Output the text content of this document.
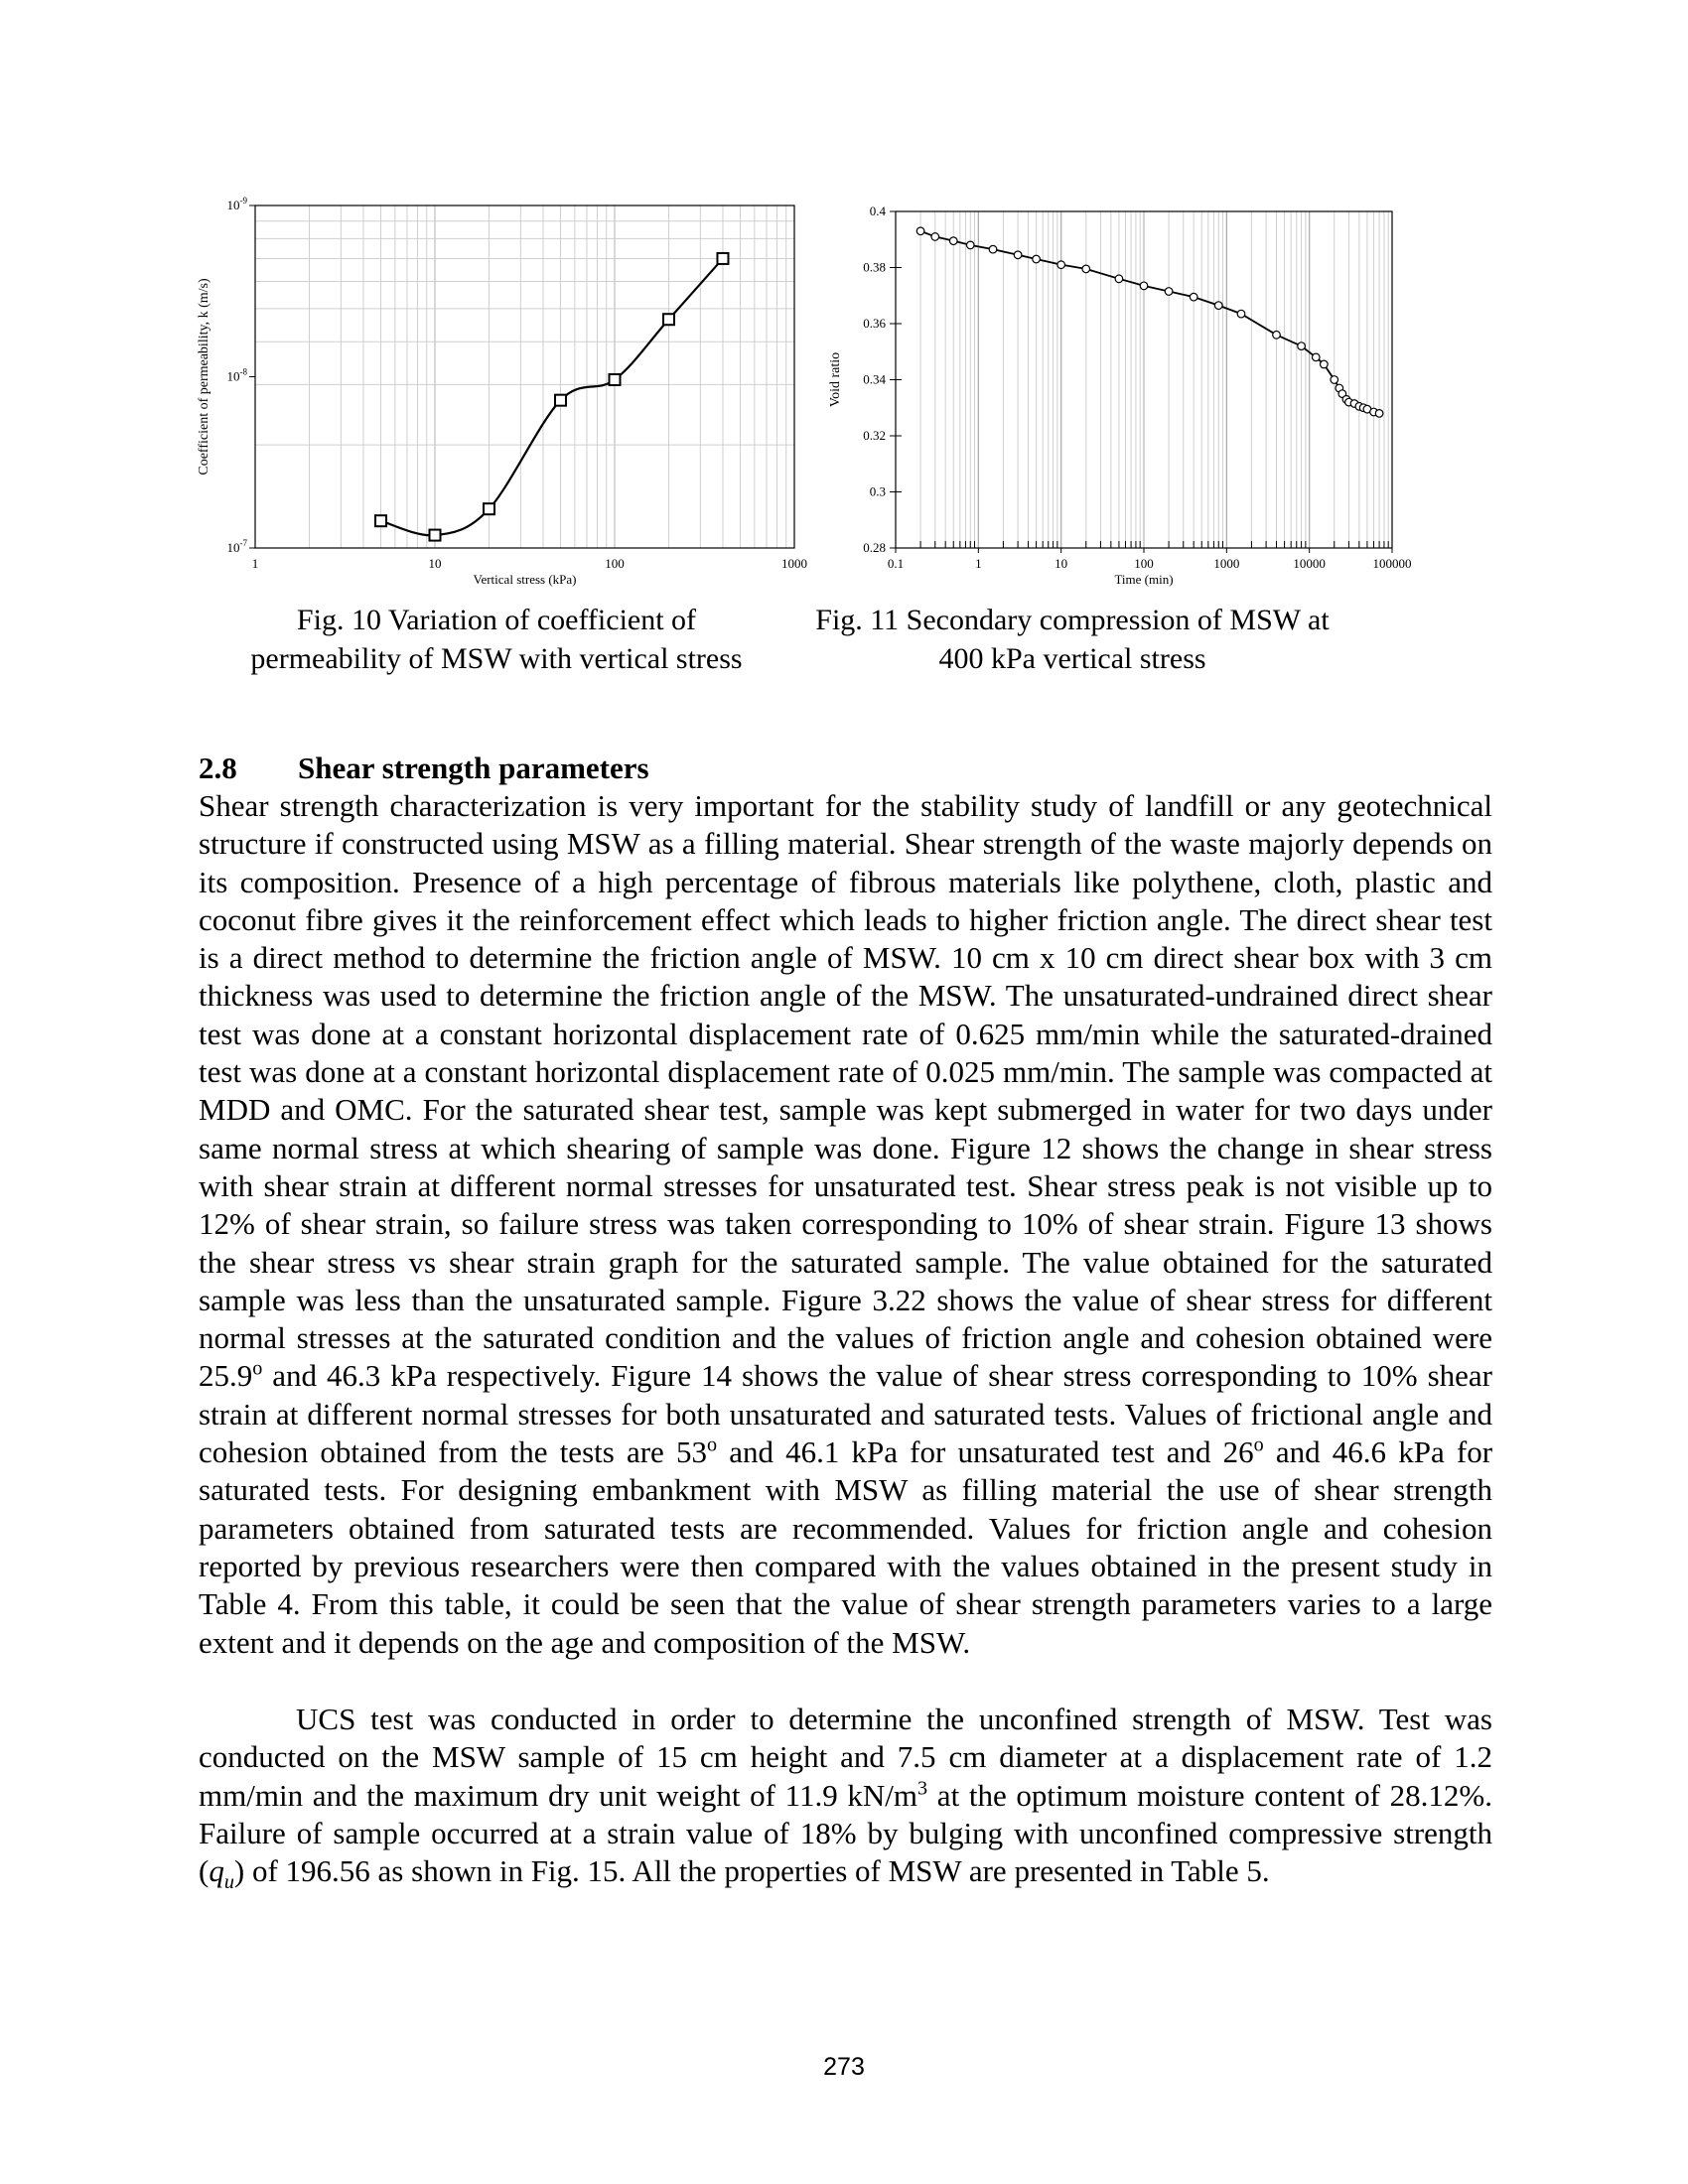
1	10	100	1000
$10^{-9}$
$10^{-8}$
$10^{-7}$
Vertical stress (kPa)
Coefficient of permeability, k (m/s)
Fig. 10 Variation of coefficient of
permeability of MSW with vertical stress
0.1	1	10	100	1000	10000	100000
0.28
0.3
0.32
0.34
0.36
0.38
0.4
Time (min)
Void ratio
Fig. 11 Secondary compression of MSW at
400 kPa vertical stress
2.8 Shear strength parameters

Shear strength characterization is very important for the stability study of landfill or any geotechnical structure if constructed using MSW as a filling material. Shear strength of the waste majorly depends on its composition. Presence of a high percentage of fibrous materials like polythene, cloth, plastic and coconut fibre gives it the reinforcement effect which leads to higher friction angle. The direct shear test is a direct method to determine the friction angle of MSW. 10 cm x 10 cm direct shear box with 3 cm thickness was used to determine the friction angle of the MSW. The unsaturated-undrained direct shear test was done at a constant horizontal displacement rate of 0.625 mm/min while the saturated-drained test was done at a constant horizontal displacement rate of 0.025 mm/min. The sample was compacted at MDD and OMC. For the saturated shear test, sample was kept submerged in water for two days under same normal stress at which shearing of sample was done. Figure 12 shows the change in shear stress with shear strain at different normal stresses for unsaturated test. Shear stress peak is not visible up to 12% of shear strain, so failure stress was taken corresponding to 10% of shear strain. Figure 13 shows the shear stress vs shear strain graph for the saturated sample. The value obtained for the saturated sample was less than the unsaturated sample. Figure 3.22 shows the value of shear stress for different normal stresses at the saturated condition and the values of friction angle and cohesion obtained were 25.9$^o$ and 46.3 kPa respectively. Figure 14 shows the value of shear stress corresponding to 10% shear strain at different normal stresses for both unsaturated and saturated tests. Values of frictional angle and cohesion obtained from the tests are 53$^o$ and 46.1 kPa for unsaturated test and 26$^o$ and 46.6 kPa for saturated tests. For designing embankment with MSW as filling material the use of shear strength parameters obtained from saturated tests are recommended. Values for friction angle and cohesion reported by previous researchers were then compared with the values obtained in the present study in Table 4. From this table, it could be seen that the value of shear strength parameters varies to a large extent and it depends on the age and composition of the MSW.

UCS test was conducted in order to determine the unconfined strength of MSW. Test was conducted on the MSW sample of 15 cm height and 7.5 cm diameter at a displacement rate of 1.2 mm/min and the maximum dry unit weight of 11.9 $kN/m^3$ at the optimum moisture content of 28.12%. Failure of sample occurred at a strain value of 18% by bulging with unconfined compressive strength $(q_u)$ of 196.56 as shown in Fig. 15. All the properties of MSW are presented in Table 5.

273
